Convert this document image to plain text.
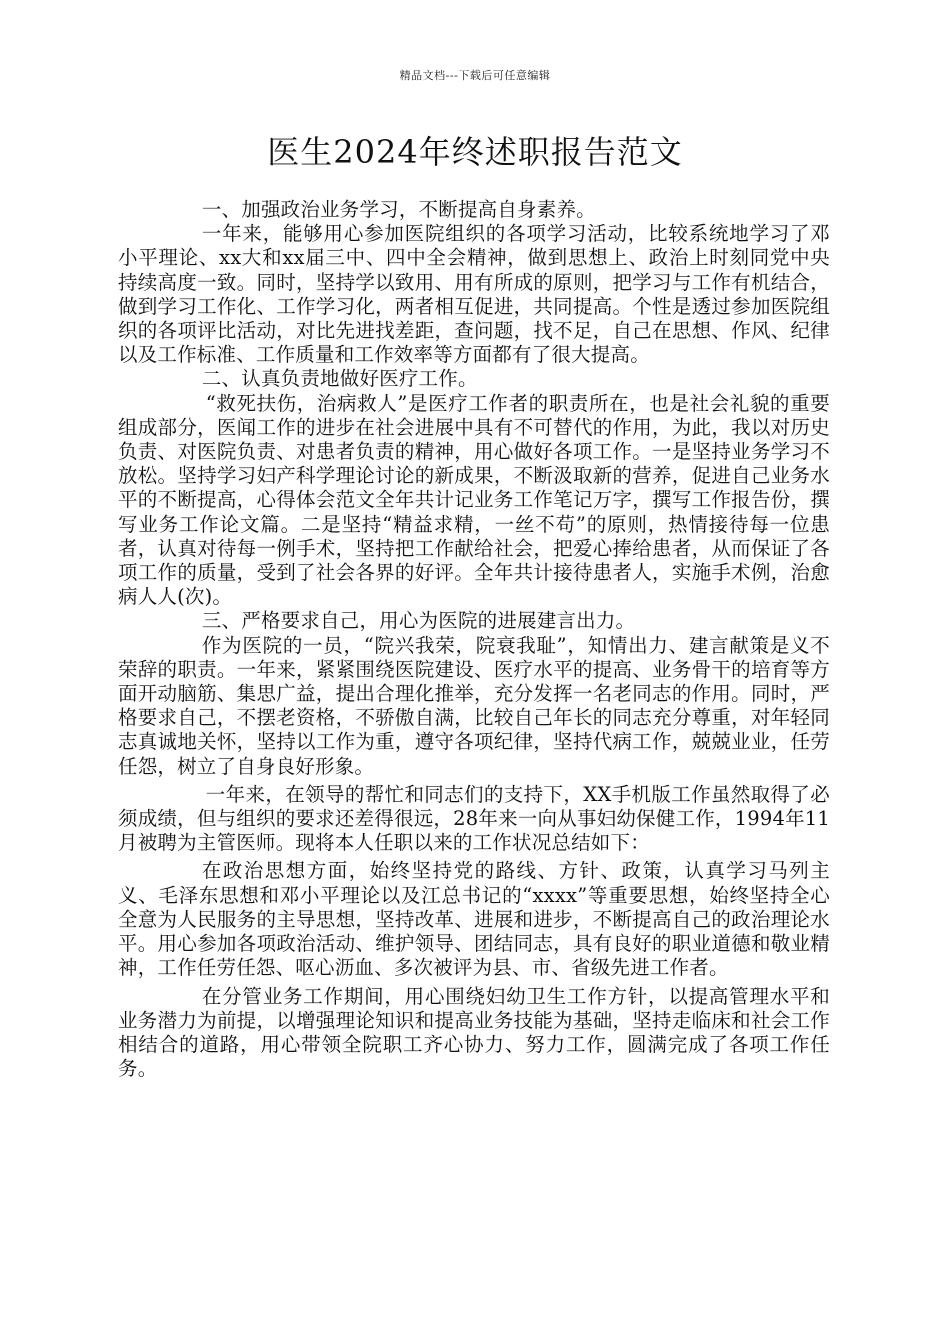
精品文档---下载后可任意编辑
医生2024年终述职报告范文

一、加强政治业务学习，不断提高自身素养。

一年来，能够用心参加医院组织的各项学习活动，比较系统地学习了邓小平理论、xx大和xx届三中、四中全会精神，做到思想上、政治上时刻同党中央持续高度一致。同时，坚持学以致用、用有所成的原则，把学习与工作有机结合，做到学习工作化、工作学习化，两者相互促进，共同提高。个性是透过参加医院组织的各项评比活动，对比先进找差距，查问题，找不足，自己在思想、作风、纪律以及工作标准、工作质量和工作效率等方面都有了很大提高。

二、认真负责地做好医疗工作。

“救死扶伤，治病救人”是医疗工作者的职责所在，也是社会礼貌的重要组成部分，医闻工作的进步在社会进展中具有不可替代的作用，为此，我以对历史负责、对医院负责、对患者负责的精神，用心做好各项工作。一是坚持业务学习不放松。坚持学习妇产科学理论讨论的新成果，不断汲取新的营养，促进自己业务水平的不断提高，心得体会范文全年共计记业务工作笔记万字，撰写工作报告份，撰写业务工作论文篇。二是坚持“精益求精，一丝不苟”的原则，热情接待每一位患者，认真对待每一例手术，坚持把工作献给社会，把爱心捧给患者，从而保证了各项工作的质量，受到了社会各界的好评。全年共计接待患者人，实施手术例，治愈病人人(次)。

三、严格要求自己，用心为医院的进展建言出力。

作为医院的一员，“院兴我荣，院衰我耻”，知情出力、建言献策是义不荣辞的职责。一年来，紧紧围绕医院建设、医疗水平的提高、业务骨干的培育等方面开动脑筋、集思广益，提出合理化推举，充分发挥一名老同志的作用。同时，严格要求自己，不摆老资格，不骄傲自满，比较自己年长的同志充分尊重，对年轻同志真诚地关怀，坚持以工作为重，遵守各项纪律，坚持代病工作，兢兢业业，任劳任怨，树立了自身良好形象。

一年来，在领导的帮忙和同志们的支持下，XX手机版工作虽然取得了必须成绩，但与组织的要求还差得很远，28年来一向从事妇幼保健工作，1994年11月被聘为主管医师。现将本人任职以来的工作状况总结如下：

在政治思想方面，始终坚持党的路线、方针、政策，认真学习马列主义、毛泽东思想和邓小平理论以及江总书记的“xxxx”等重要思想，始终坚持全心全意为人民服务的主导思想，坚持改革、进展和进步，不断提高自己的政治理论水平。用心参加各项政治活动、维护领导、团结同志，具有良好的职业道德和敬业精神，工作任劳任怨、呕心沥血、多次被评为县、市、省级先进工作者。

在分管业务工作期间，用心围绕妇幼卫生工作方针，以提高管理水平和业务潜力为前提，以增强理论知识和提高业务技能为基础，坚持走临床和社会工作相结合的道路，用心带领全院职工齐心协力、努力工作，圆满完成了各项工作任务。
